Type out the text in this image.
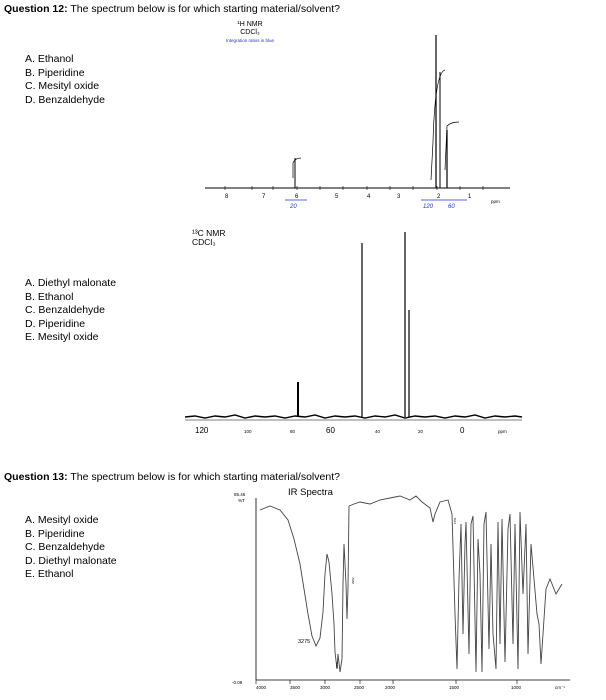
Question 12: The spectrum below is for which starting material/solvent?
¹H NMR
CDCl₃
Integration ratios in blue
A. Ethanol
B. Piperidine
C. Mesityl oxide
D. Benzaldehyde
20	120 60
8	7	6	5	4	3	2	1
ppm
¹³C NMR
CDCl₃
A. Diethyl malonate
B. Ethanol
C. Benzaldehyde
D. Piperidine
E. Mesityl oxide
120	100	80	60	40	20	0	ppm
Question 13: The spectrum below is for which starting material/solvent?
A. Mesityl oxide
B. Piperidine
C. Benzaldehyde
D. Diethyl malonate
E. Ethanol
IR Spectra
85.46
%T
-0.09
3275
1651
2902
2971
4000	3500	3000	2500	2000	1500	1000	cm⁻¹
